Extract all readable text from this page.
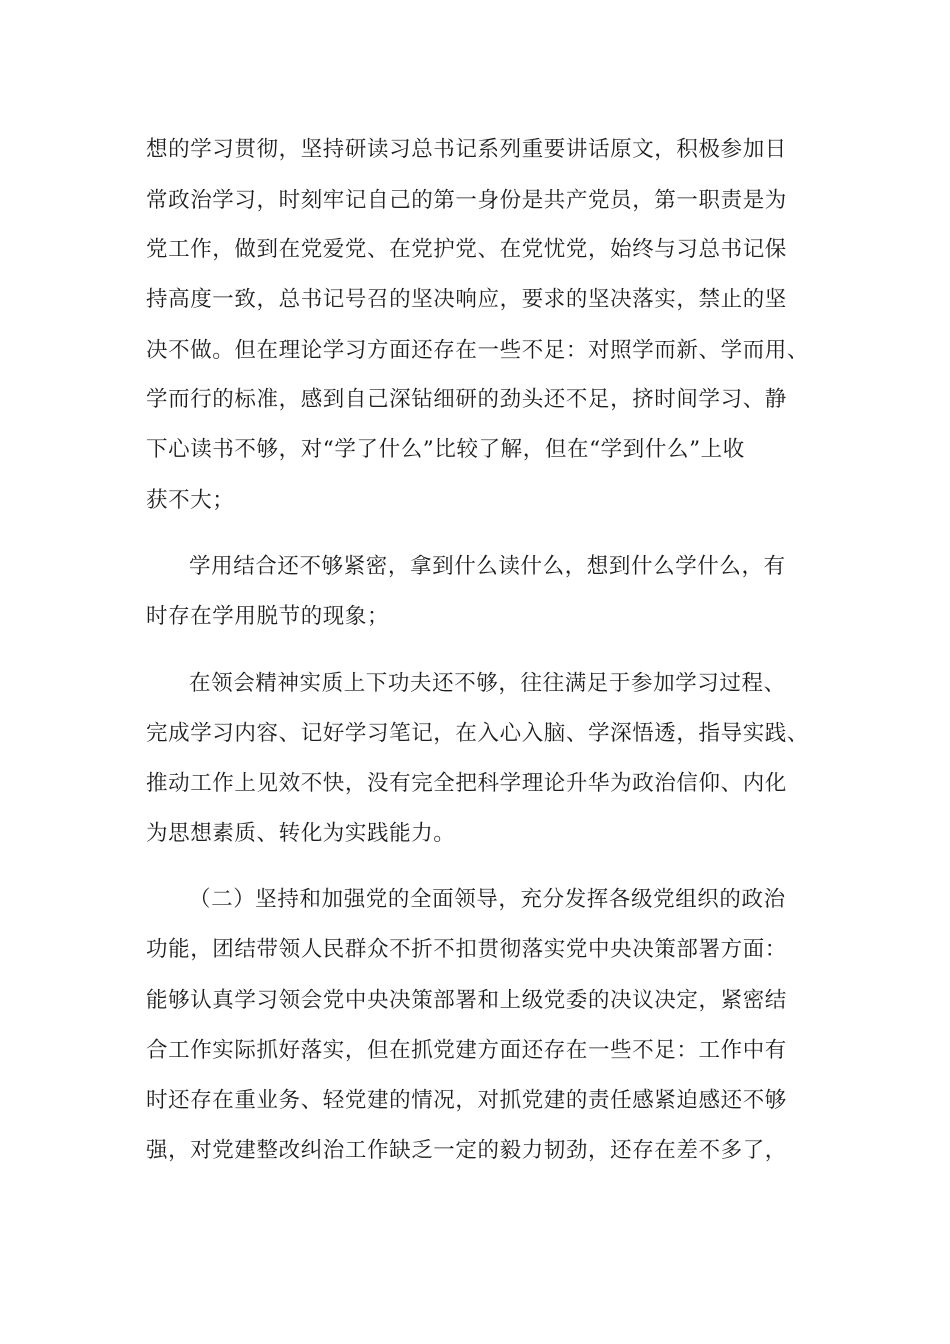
想的学习贯彻，坚持研读习总书记系列重要讲话原文，积极参加日
常政治学习，时刻牢记自己的第一身份是共产党员，第一职责是为
党工作，做到在党爱党、在党护党、在党忧党，始终与习总书记保
持高度一致，总书记号召的坚决响应，要求的坚决落实，禁止的坚
决不做。但在理论学习方面还存在一些不足：对照学而新、学而用、
学而行的标准，感到自己深钻细研的劲头还不足，挤时间学习、静
下心读书不够，对“学了什么”比较了解，但在“学到什么”上收
获不大；
学用结合还不够紧密，拿到什么读什么，想到什么学什么，有
时存在学用脱节的现象；
在领会精神实质上下功夫还不够，往往满足于参加学习过程、
完成学习内容、记好学习笔记，在入心入脑、学深悟透，指导实践、
推动工作上见效不快，没有完全把科学理论升华为政治信仰、内化
为思想素质、转化为实践能力。
（二）坚持和加强党的全面领导，充分发挥各级党组织的政治
功能，团结带领人民群众不折不扣贯彻落实党中央决策部署方面：
能够认真学习领会党中央决策部署和上级党委的决议决定，紧密结
合工作实际抓好落实，但在抓党建方面还存在一些不足：工作中有
时还存在重业务、轻党建的情况，对抓党建的责任感紧迫感还不够
强，对党建整改纠治工作缺乏一定的毅力韧劲，还存在差不多了，
